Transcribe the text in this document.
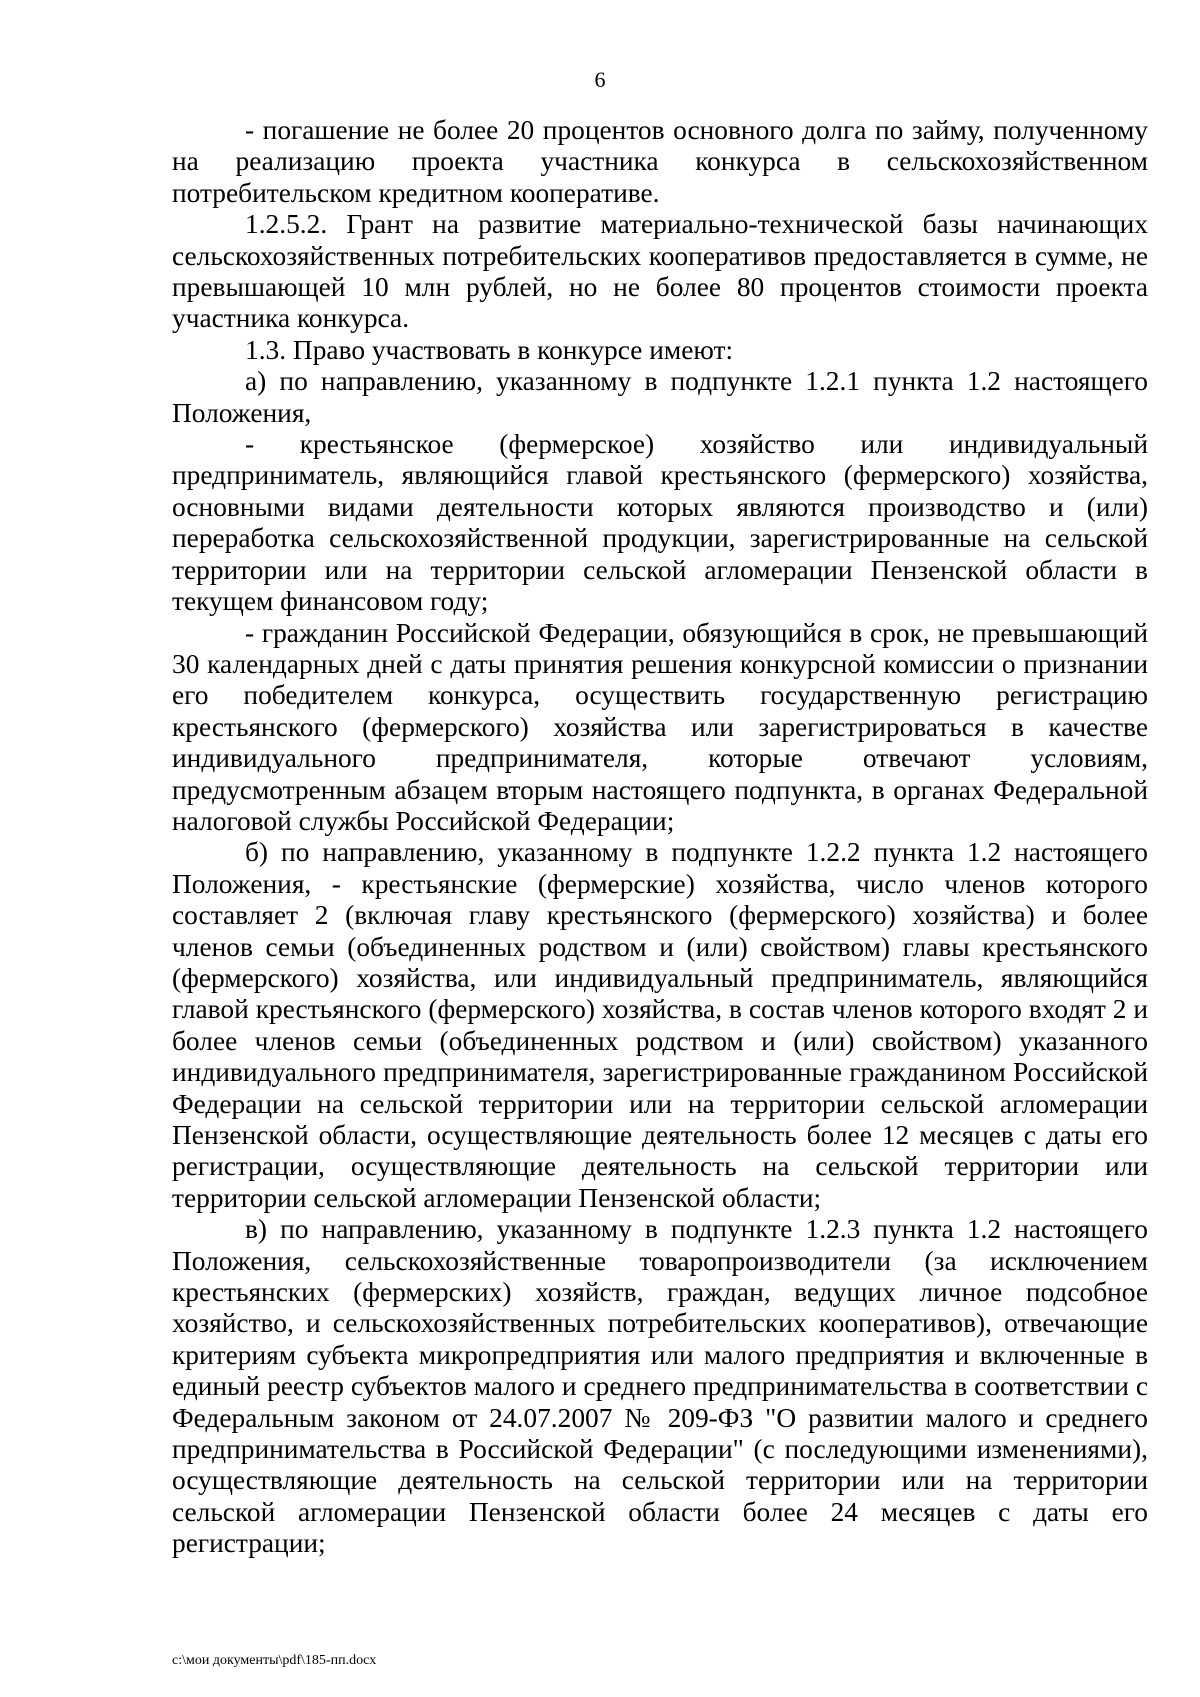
6

- погашение не более 20 процентов основного долга по займу, полученному на реализацию проекта участника конкурса в сельскохозяйственном потребительском кредитном кооперативе.

1.2.5.2. Грант на развитие материально-технической базы начинающих сельскохозяйственных потребительских кооперативов предоставляется в сумме, не превышающей 10 млн рублей, но не более 80 процентов стоимости проекта участника конкурса.

1.3. Право участвовать в конкурсе имеют:

а) по направлению, указанному в подпункте 1.2.1 пункта 1.2 настоящего Положения,

- крестьянское (фермерское) хозяйство или индивидуальный предприниматель, являющийся главой крестьянского (фермерского) хозяйства, основными видами деятельности которых являются производство и (или) переработка сельскохозяйственной продукции, зарегистрированные на сельской территории или на территории сельской агломерации Пензенской области в текущем финансовом году;

- гражданин Российской Федерации, обязующийся в срок, не превышающий 30 календарных дней с даты принятия решения конкурсной комиссии о признании его победителем конкурса, осуществить государственную регистрацию крестьянского (фермерского) хозяйства или зарегистрироваться в качестве индивидуального предпринимателя, которые отвечают условиям, предусмотренным абзацем вторым настоящего подпункта, в органах Федеральной налоговой службы Российской Федерации;

б) по направлению, указанному в подпункте 1.2.2 пункта 1.2 настоящего Положения, - крестьянские (фермерские) хозяйства, число членов которого составляет 2 (включая главу крестьянского (фермерского) хозяйства) и более членов семьи (объединенных родством и (или) свойством) главы крестьянского (фермерского) хозяйства, или индивидуальный предприниматель, являющийся главой крестьянского (фермерского) хозяйства, в состав членов которого входят 2 и более членов семьи (объединенных родством и (или) свойством) указанного индивидуального предпринимателя, зарегистрированные гражданином Российской Федерации на сельской территории или на территории сельской агломерации Пензенской области, осуществляющие деятельность более 12 месяцев с даты его регистрации, осуществляющие деятельность на сельской территории или территории сельской агломерации Пензенской области;

в) по направлению, указанному в подпункте 1.2.3 пункта 1.2 настоящего Положения, сельскохозяйственные товаропроизводители (за исключением крестьянских (фермерских) хозяйств, граждан, ведущих личное подсобное хозяйство, и сельскохозяйственных потребительских кооперативов), отвечающие критериям субъекта микропредприятия или малого предприятия и включенные в единый реестр субъектов малого и среднего предпринимательства в соответствии с Федеральным законом от 24.07.2007 № 209-ФЗ "О развитии малого и среднего предпринимательства в Российской Федерации" (с последующими изменениями), осуществляющие деятельность на сельской территории или на территории сельской агломерации Пензенской области более 24 месяцев с даты его регистрации;

c:\мои документы\pdf\185-пп.docx
